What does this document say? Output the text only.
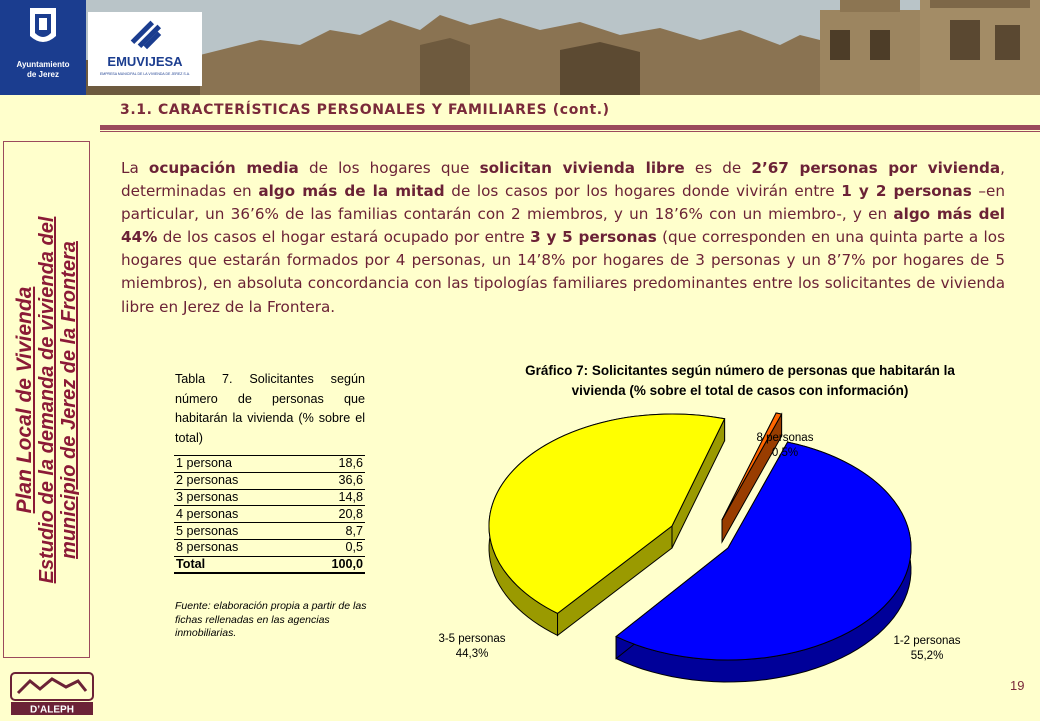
Ayuntamiento
de Jerez
EMUVIJESA
EMPRESA MUNICIPAL DE LA VIVIENDA DE JEREZ S.A.
3.1. CARACTERÍSTICAS PERSONALES Y FAMILIARES (cont.)
Plan Local de Vivienda Estudio de la demanda de vivienda del municipio de Jerez de la Frontera
La ocupación media de los hogares que solicitan vivienda libre es de 2’67 personas por vivienda, determinadas en algo más de la mitad de los casos por los hogares donde vivirán entre 1 y 2 personas –en particular, un 36’6% de las familias contarán con 2 miembros, y un 18’6% con un miembro-, y en algo más del 44% de los casos el hogar estará ocupado por entre 3 y 5 personas (que corresponden en una quinta parte a los hogares que estarán formados por 4 personas, un 14’8% por hogares de 3 personas y un 8’7% por hogares de 5 miembros), en absoluta concordancia con las tipologías familiares predominantes entre los solicitantes de vivienda libre en Jerez de la Frontera.
Tabla 7. Solicitantes según número de personas que habitarán la vivienda (% sobre el total)
1 persona	18,6
2 personas	36,6
3 personas	14,8
4 personas	20,8
5 personas	8,7
8 personas	0,5
Total	100,0
Fuente: elaboración propia a partir de las fichas rellenadas en las agencias inmobiliarias.
Gráfico 7: Solicitantes según número de personas que habitarán la vivienda (% sobre el total de casos con información)
1-2 personas
55,2%
3-5 personas
44,3%
8 personas
0,5%
D’ALEPH
19
